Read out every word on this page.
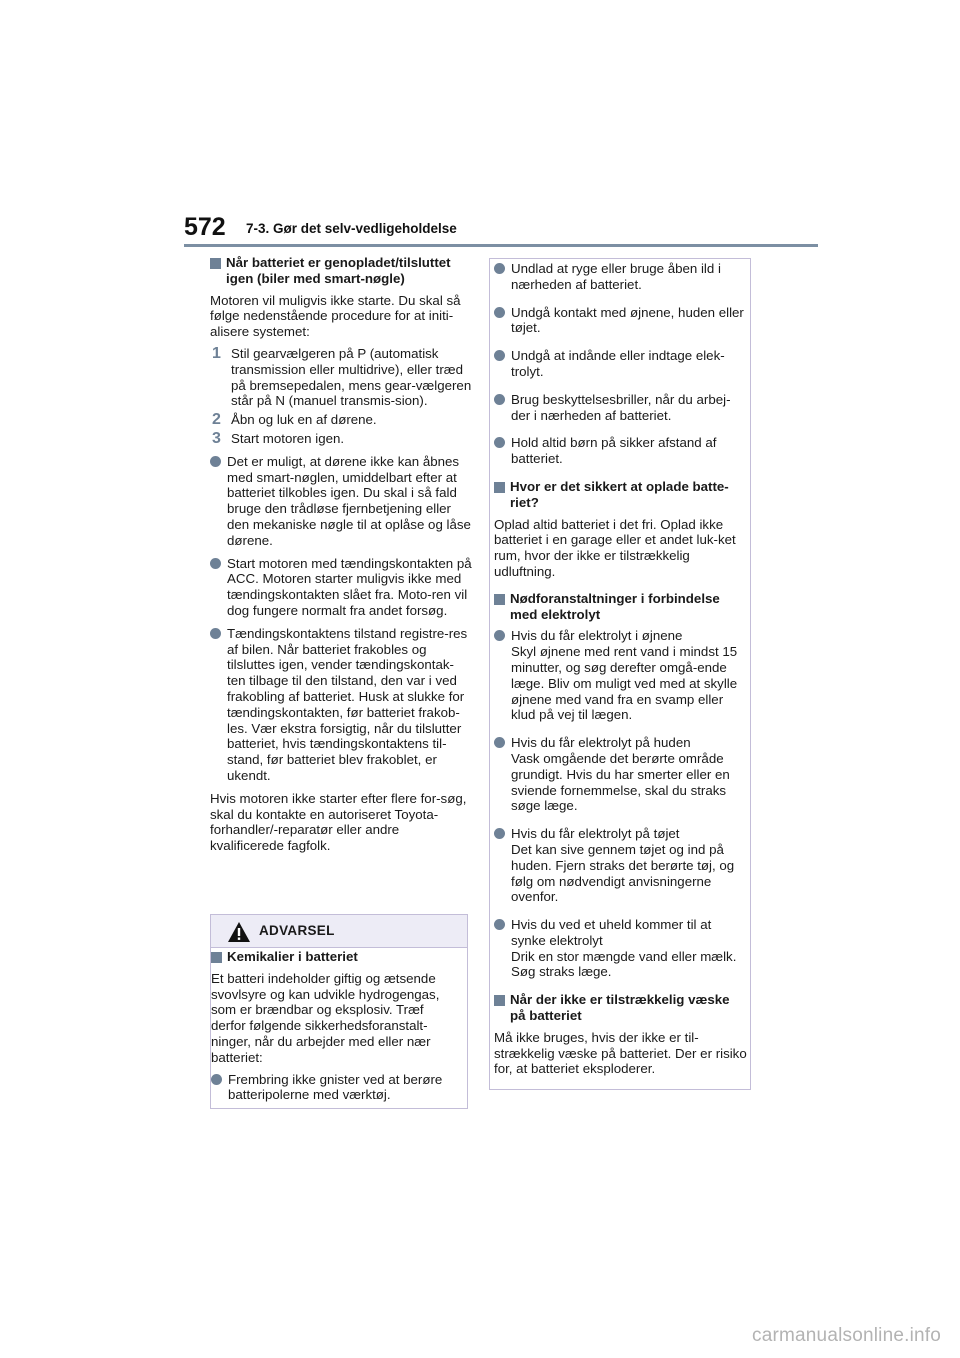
572 7-3. Gør det selv-vedligeholdelse
Når batteriet er genopladet/tilsluttet igen (biler med smart-nøgle)

Motoren vil muligvis ikke starte. Du skal så følge nedenstående procedure for at initi-alisere systemet:

1 Stil gearvælgeren på P (automatisk transmission eller multidrive), eller træd på bremsepedalen, mens gear-vælgeren står på N (manuel transmis-sion).
2 Åbn og luk en af dørene.
3 Start motoren igen.
Det er muligt, at dørene ikke kan åbnes med smart-nøglen, umiddelbart efter at batteriet tilkobles igen. Du skal i så fald bruge den trådløse fjernbetjening eller den mekaniske nøgle til at oplåse og låse dørene.
Start motoren med tændingskontakten på ACC. Motoren starter muligvis ikke med tændingskontakten slået fra. Moto-ren vil dog fungere normalt fra andet forsøg.
Tændingskontaktens tilstand registre-res af bilen. Når batteriet frakobles og tilsluttes igen, vender tændingskontak-ten tilbage til den tilstand, den var i ved frakobling af batteriet. Husk at slukke for tændingskontakten, før batteriet frakob-les. Vær ekstra forsigtig, når du tilslutter batteriet, hvis tændingskontaktens til-stand, før batteriet blev frakoblet, er ukendt.

Hvis motoren ikke starter efter flere for-søg, skal du kontakte en autoriseret Toyota-forhandler/-reparatør eller andre kvalificerede fagfolk.

ADVARSEL
Kemikalier i batteriet

Et batteri indeholder giftig og ætsende svovlsyre og kan udvikle hydrogengas, som er brændbar og eksplosiv. Træf derfor følgende sikkerhedsforanstalt-ninger, når du arbejder med eller nær batteriet:

Frembring ikke gnister ved at berøre batteripolerne med værktøj.
Undlad at ryge eller bruge åben ild i nærheden af batteriet.
Undgå kontakt med øjnene, huden eller tøjet.
Undgå at indånde eller indtage elek-trolyt.
Brug beskyttelsesbriller, når du arbej-der i nærheden af batteriet.
Hold altid børn på sikker afstand af batteriet.
Hvor er det sikkert at oplade batte-riet?

Oplad altid batteriet i det fri. Oplad ikke batteriet i en garage eller et andet luk-ket rum, hvor der ikke er tilstrækkelig udluftning.

Nødforanstaltninger i forbindelse med elektrolyt
Hvis du får elektrolyt i øjnene
Skyl øjnene med rent vand i mindst 15 minutter, og søg derefter omgå-ende læge. Bliv om muligt ved med at skylle øjnene med vand fra en svamp eller klud på vej til lægen.
Hvis du får elektrolyt på huden
Vask omgående det berørte område grundigt. Hvis du har smerter eller en sviende fornemmelse, skal du straks søge læge.
Hvis du får elektrolyt på tøjet
Det kan sive gennem tøjet og ind på huden. Fjern straks det berørte tøj, og følg om nødvendigt anvisningerne ovenfor.
Hvis du ved et uheld kommer til at synke elektrolyt
Drik en stor mængde vand eller mælk. Søg straks læge.
Når der ikke er tilstrækkelig væske på batteriet

Må ikke bruges, hvis der ikke er til-strækkelig væske på batteriet. Der er risiko for, at batteriet eksploderer.

carmanualsonline.info
